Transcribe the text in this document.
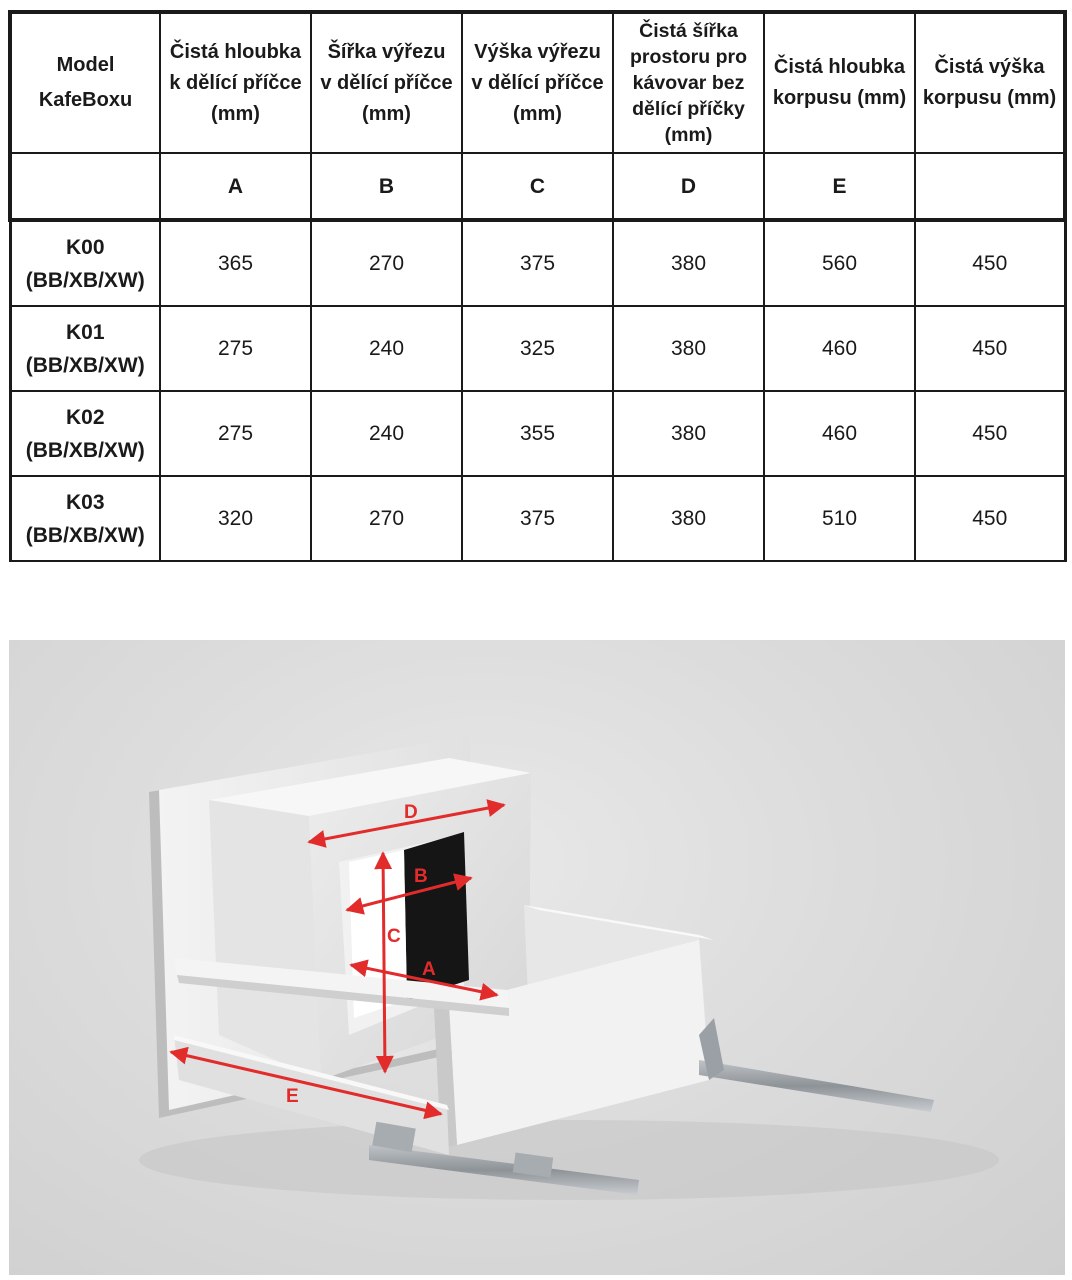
Model
KafeBoxu	Čistá hloubka
k dělící příčce
(mm)	Šířka výřezu
v dělící příčce
(mm)	Výška výřezu
v dělící příčce
(mm)	Čistá šířka
prostoru pro
kávovar bez
dělící příčky
(mm)	Čistá hloubka
korpusu (mm)	Čistá výška
korpusu (mm)
	A	B	C	D	E	
K00
(BB/XB/XW)	365	270	375	380	560	450
K01
(BB/XB/XW)	275	240	325	380	460	450
K02
(BB/XB/XW)	275	240	355	380	460	450
K03
(BB/XB/XW)	320	270	375	380	510	450
D
B
C
A
E
